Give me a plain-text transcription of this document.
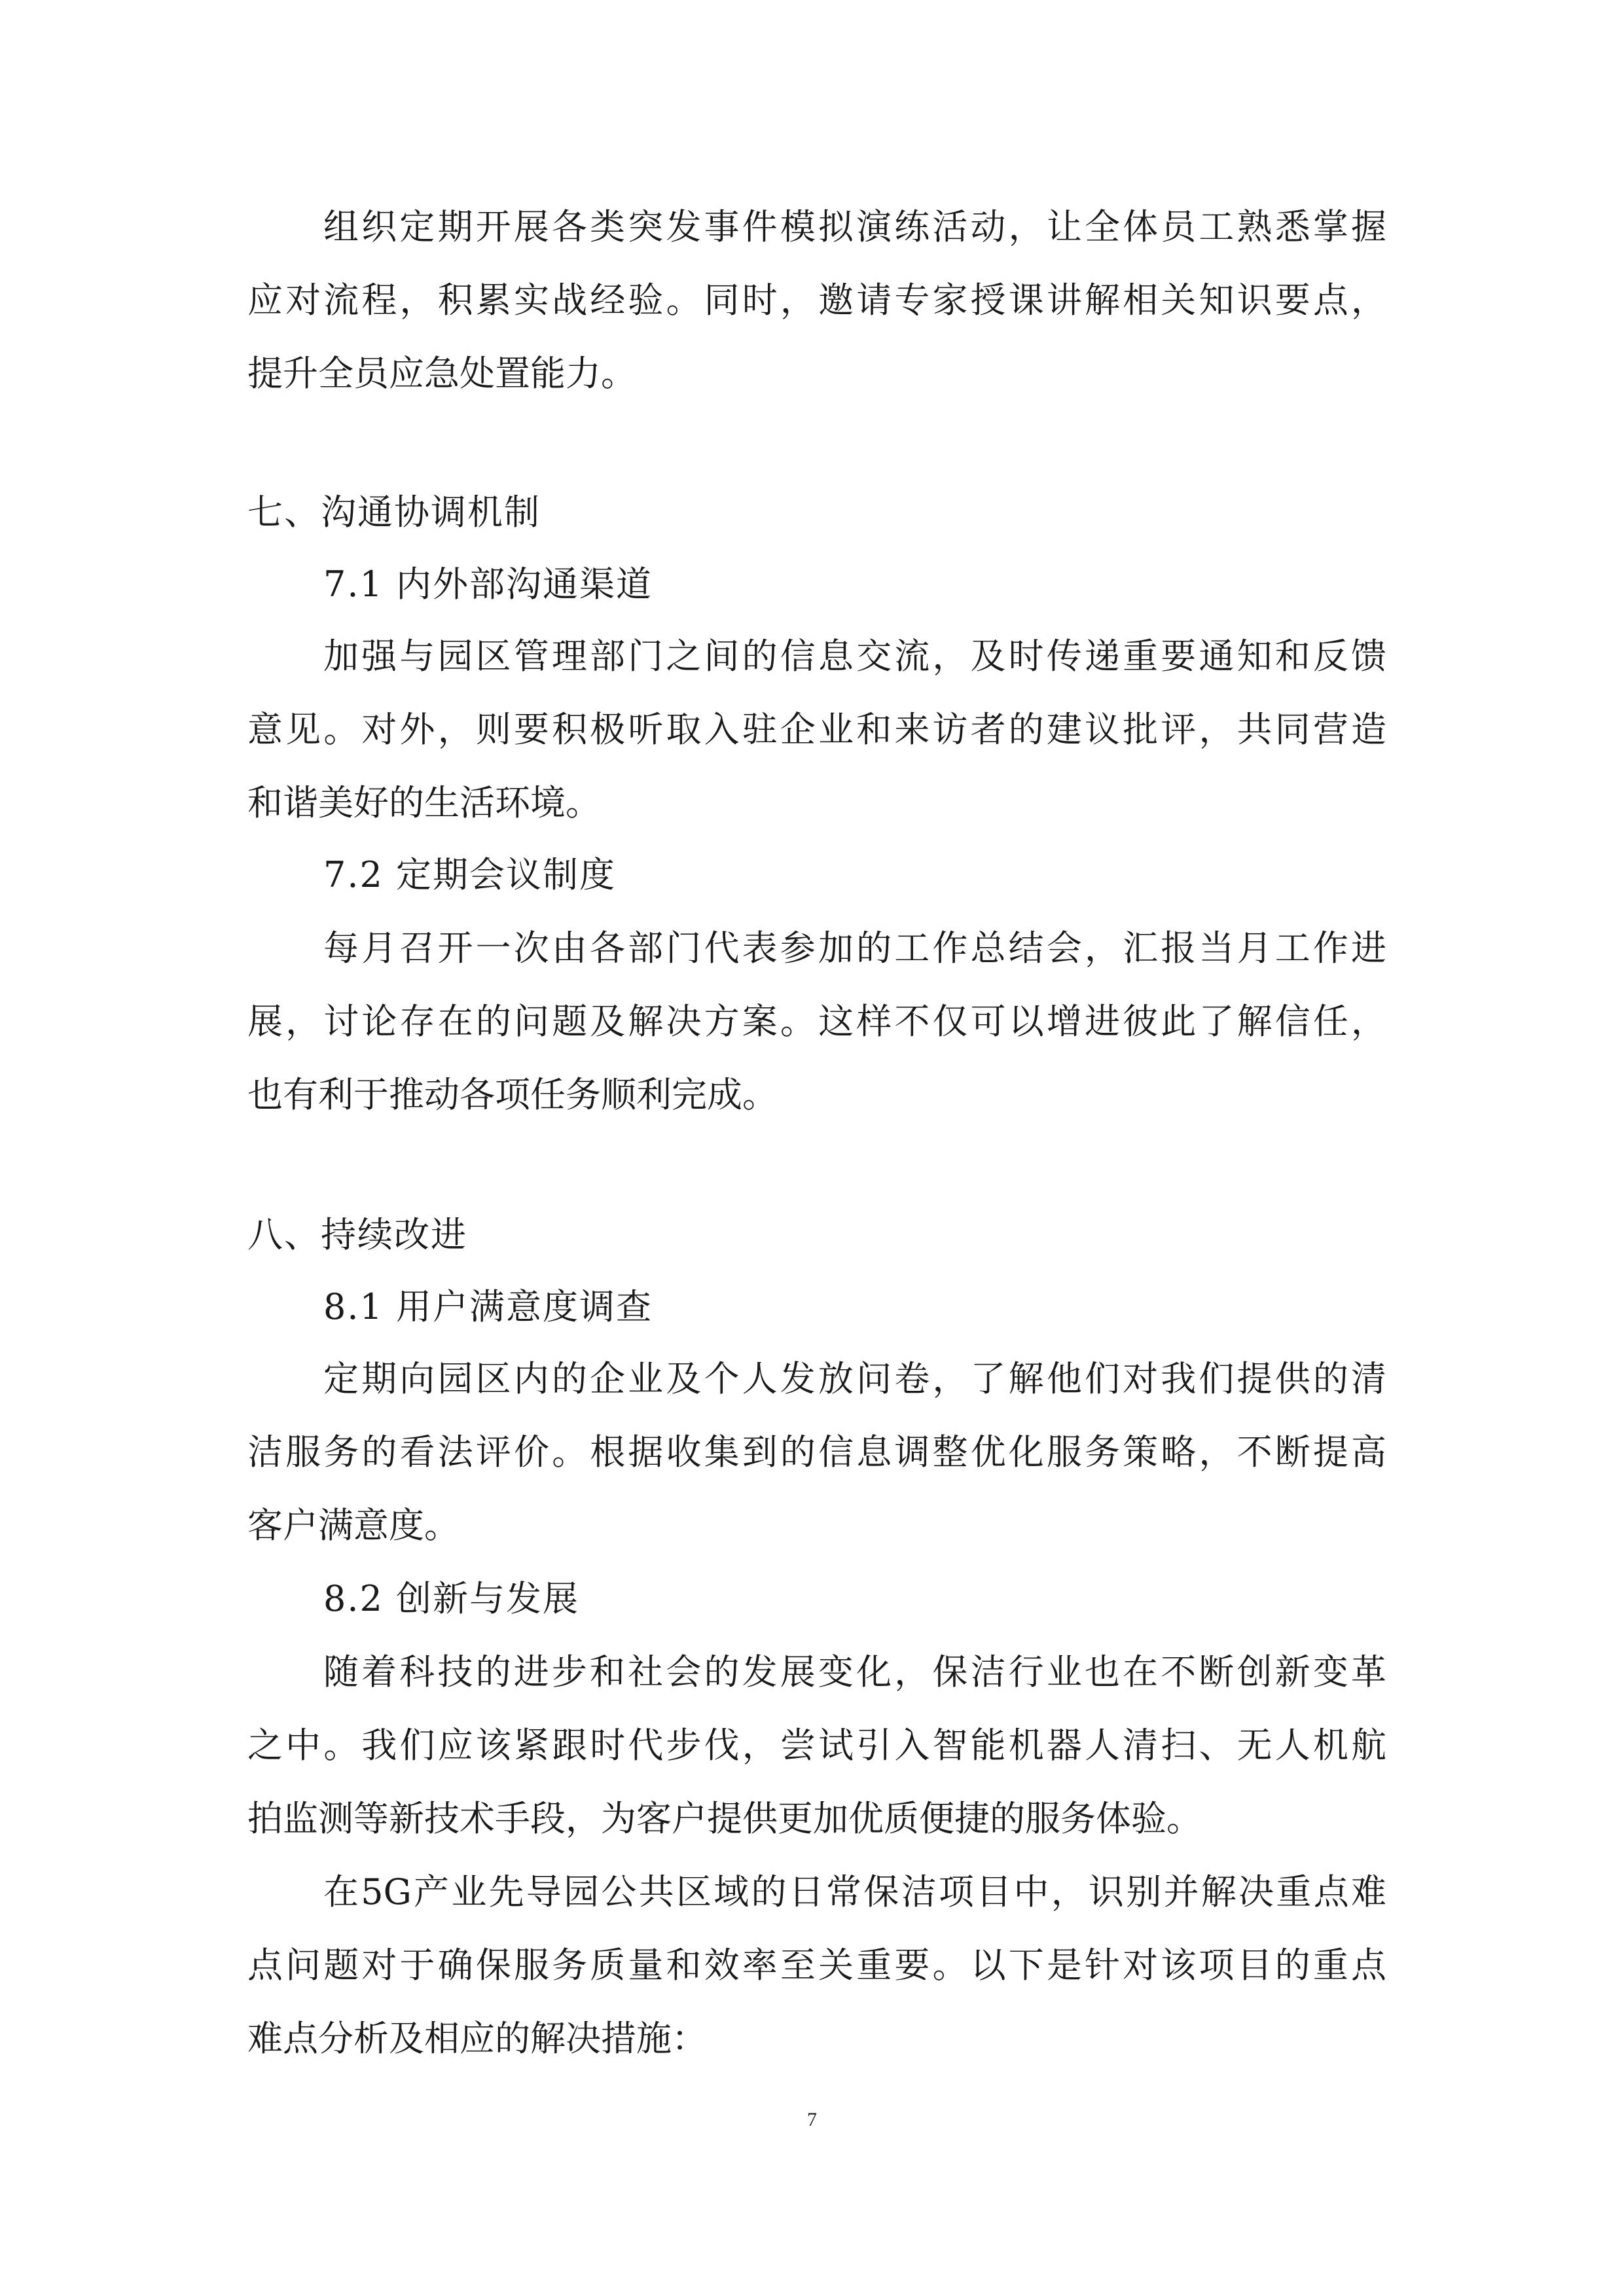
组织定期开展各类突发事件模拟演练活动，让全体员工熟悉掌握
应对流程，积累实战经验。同时，邀请专家授课讲解相关知识要点，
提升全员应急处置能力。
七、沟通协调机制
7.1 内外部沟通渠道
加强与园区管理部门之间的信息交流，及时传递重要通知和反馈
意见。对外，则要积极听取入驻企业和来访者的建议批评，共同营造
和谐美好的生活环境。
7.2 定期会议制度
每月召开一次由各部门代表参加的工作总结会，汇报当月工作进
展，讨论存在的问题及解决方案。这样不仅可以增进彼此了解信任，
也有利于推动各项任务顺利完成。
八、持续改进
8.1 用户满意度调查
定期向园区内的企业及个人发放问卷，了解他们对我们提供的清
洁服务的看法评价。根据收集到的信息调整优化服务策略，不断提高
客户满意度。
8.2 创新与发展
随着科技的进步和社会的发展变化，保洁行业也在不断创新变革
之中。我们应该紧跟时代步伐，尝试引入智能机器人清扫、无人机航
拍监测等新技术手段，为客户提供更加优质便捷的服务体验。
在5G产业先导园公共区域的日常保洁项目中，识别并解决重点难
点问题对于确保服务质量和效率至关重要。以下是针对该项目的重点
难点分析及相应的解决措施：
7
